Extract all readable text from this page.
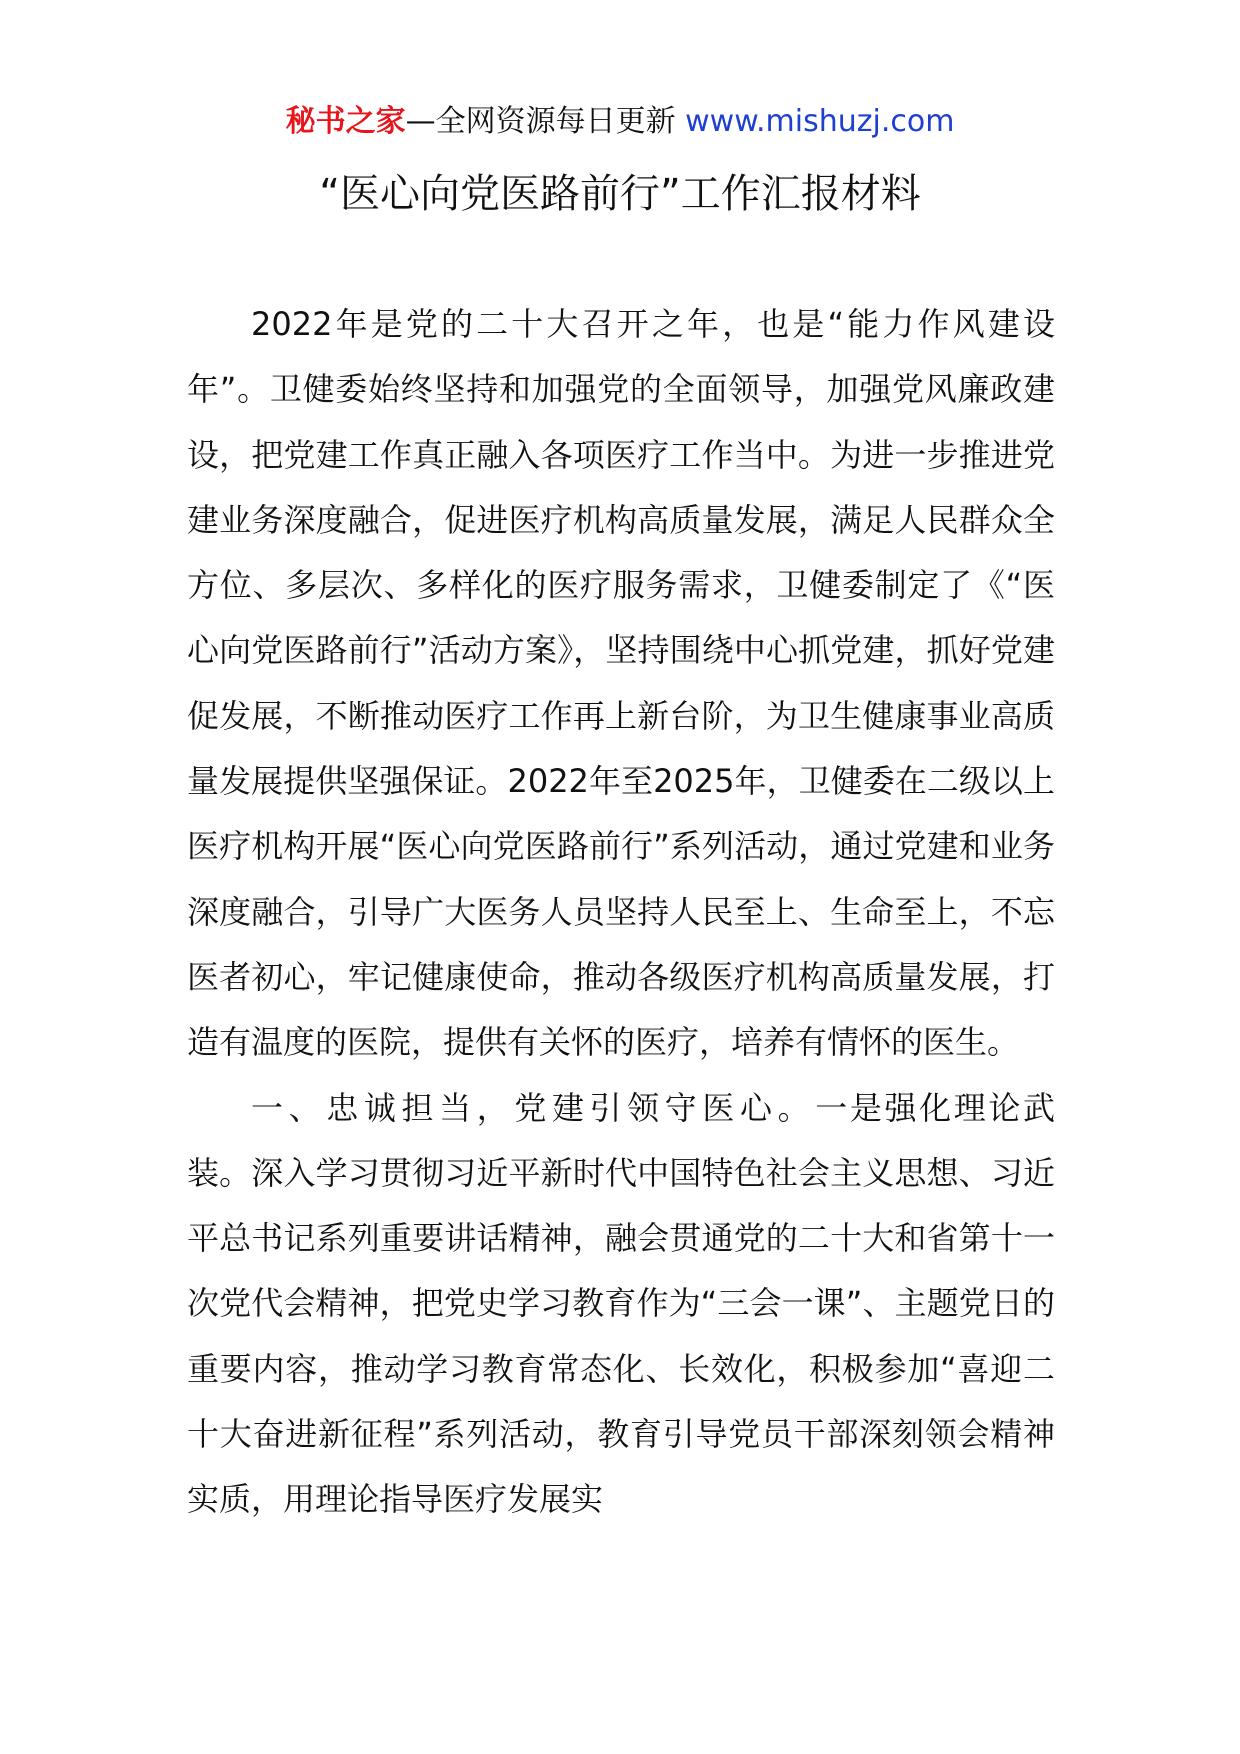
秘书之家—全网资源每日更新 www.mishuzj.com
“医心向党医路前行”工作汇报材料

2022年是党的二十大召开之年，也是“能力作风建设年”。卫健委始终坚持和加强党的全面领导，加强党风廉政建设，把党建工作真正融入各项医疗工作当中。为进一步推进党建业务深度融合，促进医疗机构高质量发展，满足人民群众全方位、多层次、多样化的医疗服务需求，卫健委制定了《“医心向党医路前行”活动方案》，坚持围绕中心抓党建，抓好党建促发展，不断推动医疗工作再上新台阶，为卫生健康事业高质量发展提供坚强保证。2022年至2025年，卫健委在二级以上医疗机构开展“医心向党医路前行”系列活动，通过党建和业务深度融合，引导广大医务人员坚持人民至上、生命至上，不忘医者初心，牢记健康使命，推动各级医疗机构高质量发展，打造有温度的医院，提供有关怀的医疗，培养有情怀的医生。

一、忠诚担当，党建引领守医心。一是强化理论武装。深入学习贯彻习近平新时代中国特色社会主义思想、习近平总书记系列重要讲话精神，融会贯通党的二十大和省第十一次党代会精神，把党史学习教育作为“三会一课”、主题党日的重要内容，推动学习教育常态化、长效化，积极参加“喜迎二十大奋进新征程”系列活动，教育引导党员干部深刻领会精神实质，用理论指导医疗发展实
